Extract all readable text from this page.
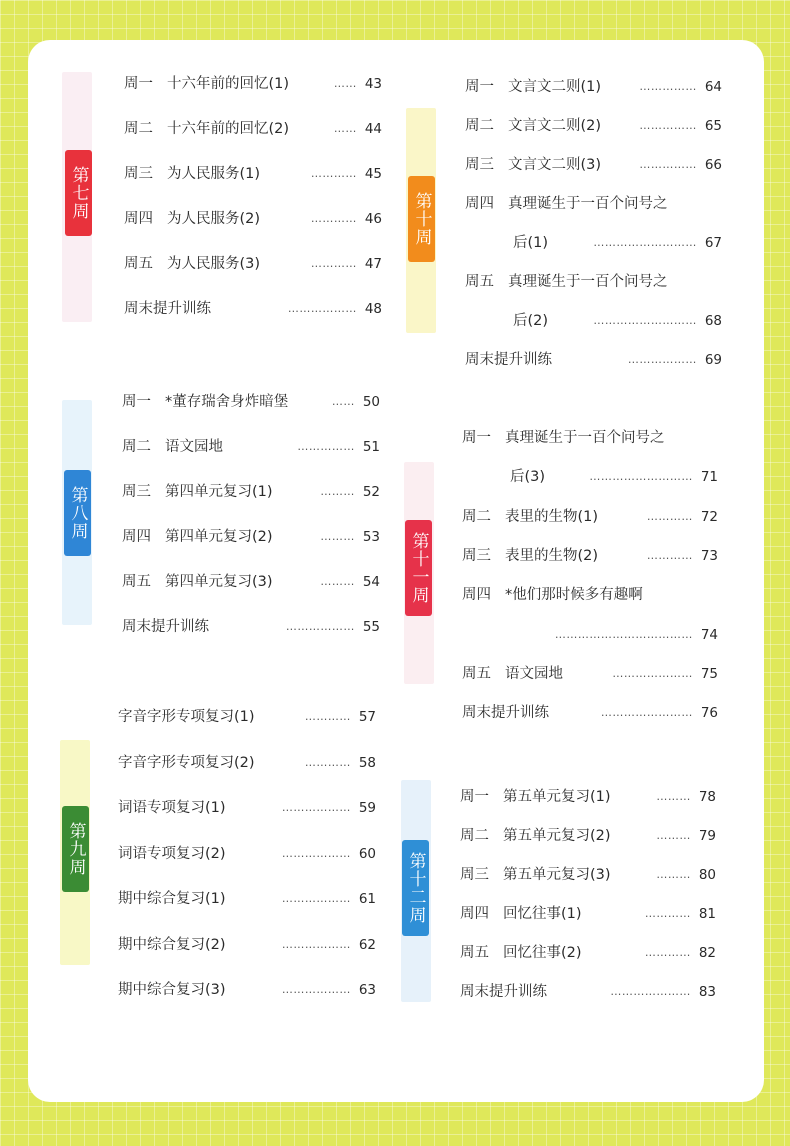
第七周
第八周
第九周
第十周
第十一周
第十二周
周一 十六年前的回忆(1)	…… 43
周二 十六年前的回忆(2)	…… 44
周三 为人民服务(1)	………… 45
周四 为人民服务(2)	………… 46
周五 为人民服务(3)	………… 47
周末提升训练	……………… 48
周一 *董存瑞舍身炸暗堡	…… 50
周二 语文园地	…………… 51
周三 第四单元复习(1)	……… 52
周四 第四单元复习(2)	……… 53
周五 第四单元复习(3)	……… 54
周末提升训练	……………… 55
字音字形专项复习(1)	………… 57
字音字形专项复习(2)	………… 58
词语专项复习(1)	……………… 59
词语专项复习(2)	……………… 60
期中综合复习(1)	……………… 61
期中综合复习(2)	……………… 62
期中综合复习(3)	……………… 63
周一 文言文二则(1)	…………… 64
周二 文言文二则(2)	…………… 65
周三 文言文二则(3)	…………… 66
周四 真理诞生于一百个问号之
后(1)	……………………… 67
周五 真理诞生于一百个问号之
后(2)	……………………… 68
周末提升训练	……………… 69
周一 真理诞生于一百个问号之
后(3)	……………………… 71
周二 表里的生物(1)	………… 72
周三 表里的生物(2)	………… 73
周四 *他们那时候多有趣啊
……………………………… 74
周五 语文园地	………………… 75
周末提升训练	…………………… 76
周一 第五单元复习(1)	……… 78
周二 第五单元复习(2)	……… 79
周三 第五单元复习(3)	……… 80
周四 回忆往事(1)	………… 81
周五 回忆往事(2)	………… 82
周末提升训练	………………… 83
